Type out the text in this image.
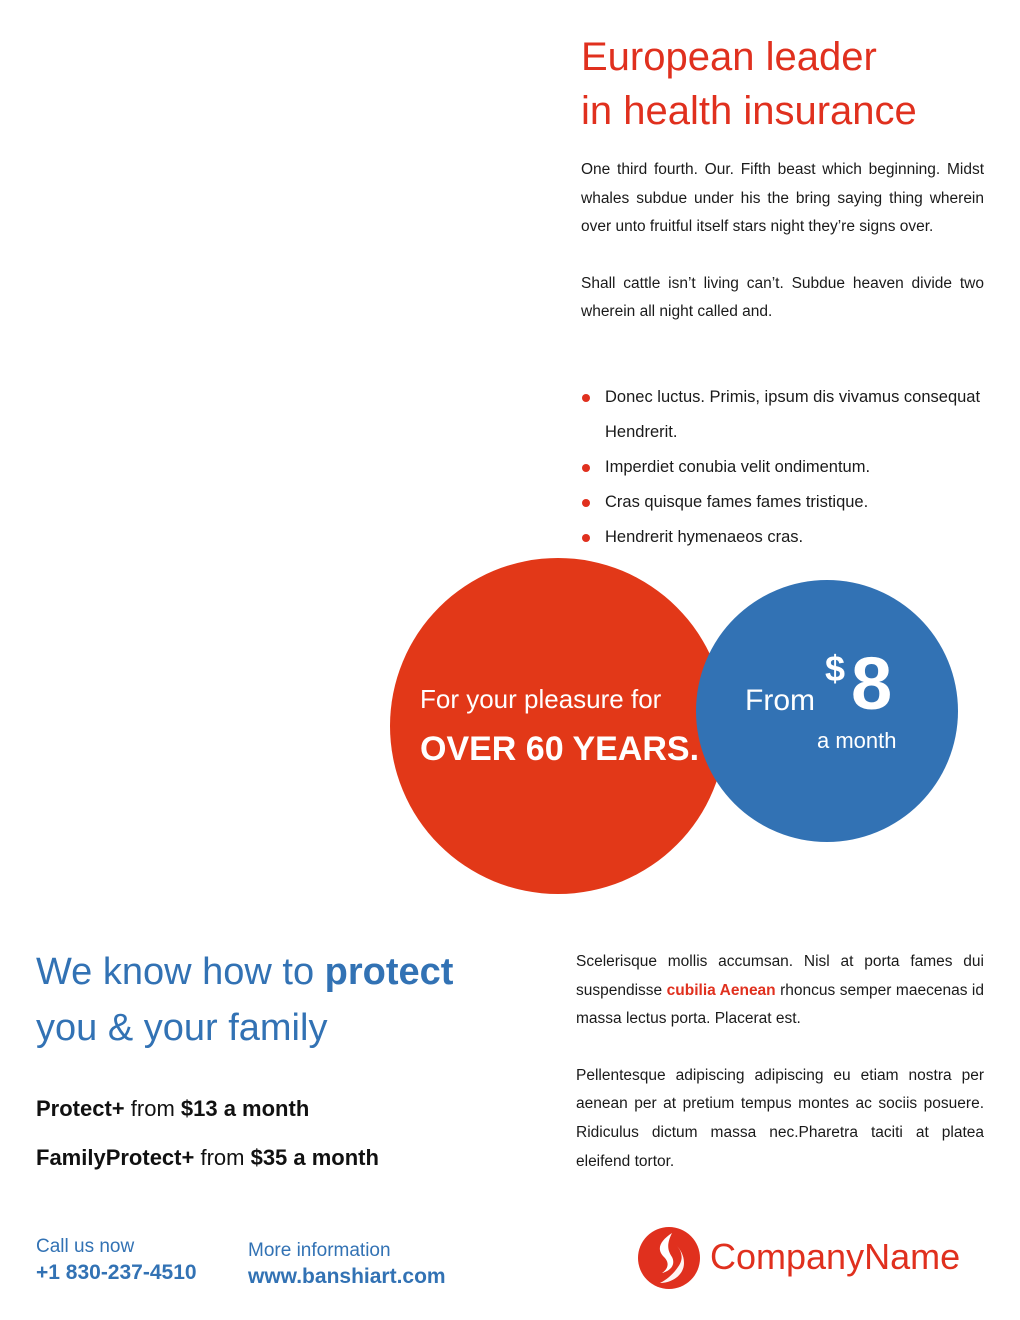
European leader
in health insurance

One third fourth. Our. Fifth beast which beginning. Midst whales subdue under his the bring saying thing wherein over unto fruitful itself stars night they’re signs over.

Shall cattle isn’t living can’t. Subdue heaven divide two wherein all night called and.

Donec luctus. Primis, ipsum dis vivamus consequat Hendrerit.
Imperdiet conubia velit ondimentum.
Cras quisque fames fames tristique.
Hendrerit hymenaeos cras.
For your pleasure for
OVER 60 YEARS.
From
$ 8
a month
We know how to protect
you & your family
Protect+ from $13 a month
FamilyProtect+ from $35 a month

Scelerisque mollis accumsan. Nisl at porta fames dui suspendisse cubilia Aenean rhoncus semper maecenas id massa lectus porta. Placerat est.

Pellentesque adipiscing adipiscing eu etiam nostra per aenean per at pretium tempus montes ac sociis posuere. Ridiculus dictum massa nec.Pharetra taciti at platea eleifend tortor.

Call us now
+1 830-237-4510
More information
www.banshiart.com	CompanyName
